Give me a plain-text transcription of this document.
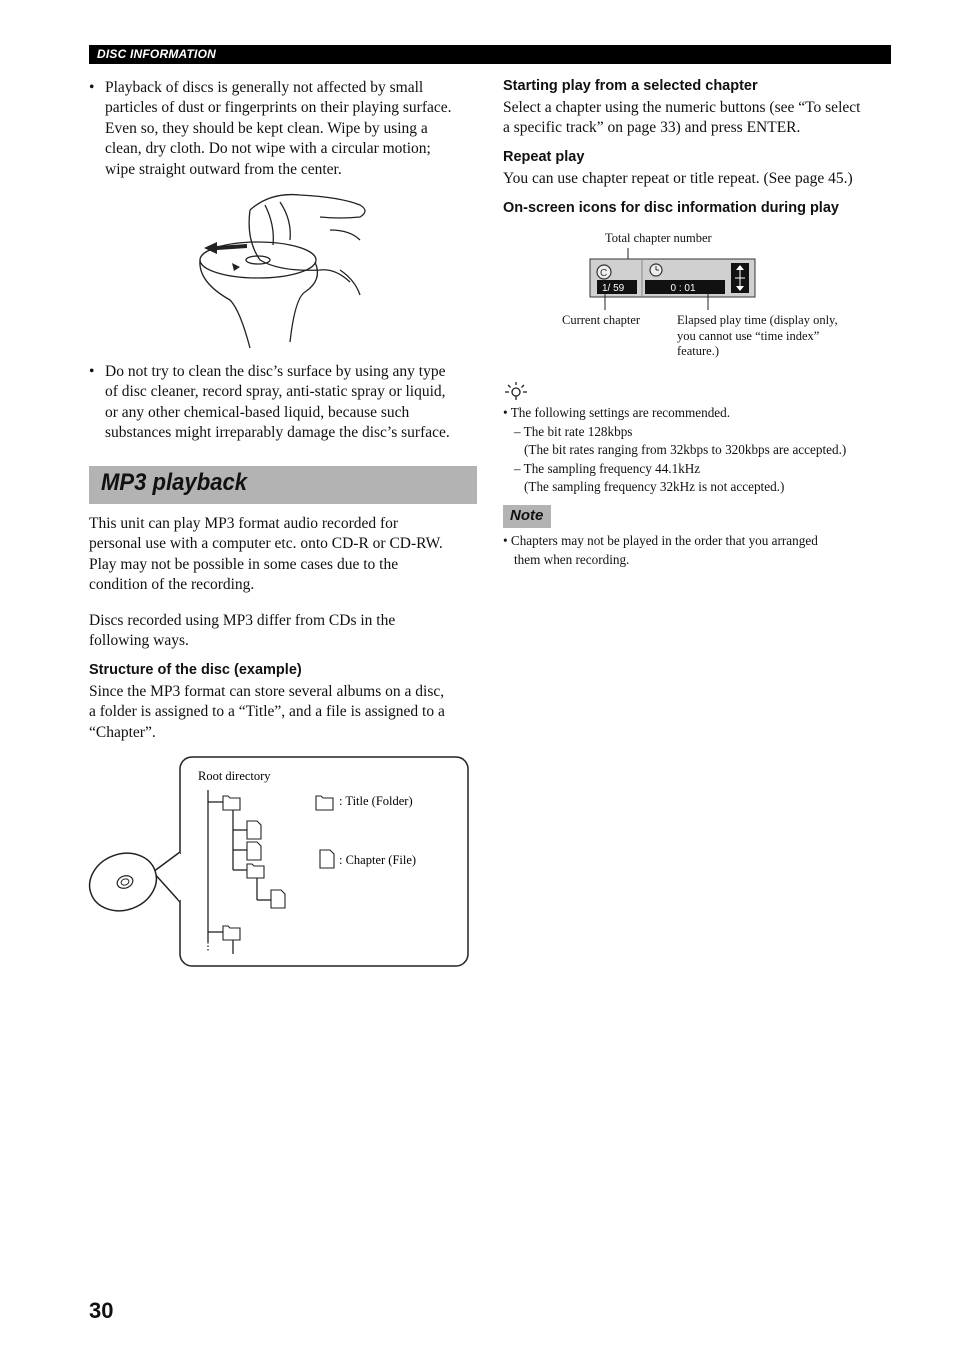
DISC INFORMATION
• Playback of discs is generally not affected by small
particles of dust or fingerprints on their playing surface.
Even so, they should be kept clean. Wipe by using a
clean, dry cloth. Do not wipe with a circular motion;
wipe straight outward from the center.
• Do not try to clean the disc’s surface by using any type
of disc cleaner, record spray, anti-static spray or liquid,
or any other chemical-based liquid, because such
substances might irreparably damage the disc’s surface.
MP3 playback
This unit can play MP3 format audio recorded for
personal use with a computer etc. onto CD-R or CD-RW.
Play may not be possible in some cases due to the
condition of the recording.
Discs recorded using MP3 differ from CDs in the
following ways.
Structure of the disc (example)
Since the MP3 format can store several albums on a disc,
a folder is assigned to a “Title”, and a file is assigned to a
“Chapter”.
Root directory
: Title (Folder)
: Chapter (File)
Starting play from a selected chapter
Select a chapter using the numeric buttons (see “To select
a specific track” on page 33) and press ENTER.
Repeat play
You can use chapter repeat or title repeat. (See page 45.)
On-screen icons for disc information during play
Total chapter number
C
1/ 59	0 : 01
Current chapter	Elapsed play time (display only,
you cannot use “time index”
feature.)
• The following settings are recommended.
– The bit rate 128kbps
(The bit rates ranging from 32kbps to 320kbps are accepted.)
– The sampling frequency 44.1kHz
(The sampling frequency 32kHz is not accepted.)
Note
• Chapters may not be played in the order that you arranged
them when recording.
30
